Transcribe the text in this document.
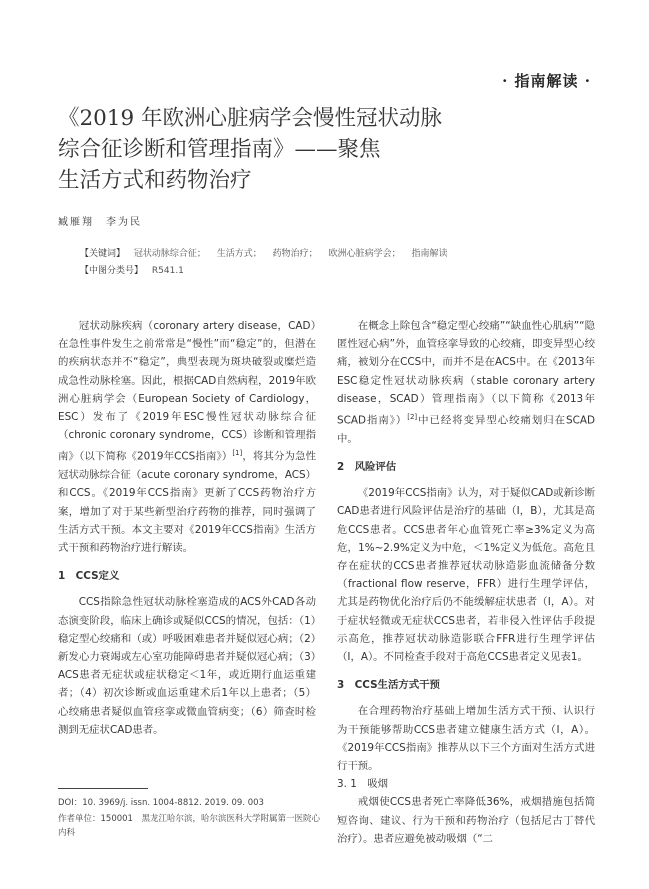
· 指南解读 ·
《2019 年欧洲心脏病学会慢性冠状动脉
综合征诊断和管理指南》——聚焦
生活方式和药物治疗
臧雁翔　李为民
【关键词】 冠状动脉综合征； 生活方式； 药物治疗； 欧洲心脏病学会； 指南解读
【中图分类号】 R541.1

冠状动脉疾病（coronary artery disease，CAD）在急性事件发生之前常常是“慢性”而“稳定”的，但潜在的疾病状态并不“稳定”，典型表现为斑块破裂或糜烂造成急性动脉栓塞。因此，根据CAD自然病程，2019年欧洲心脏病学会（European Society of Cardiology，ESC）发布了《2019年ESC慢性冠状动脉综合征（chronic coronary syndrome，CCS）诊断和管理指南》（以下简称《2019年CCS指南》）[1]，将其分为急性冠状动脉综合征（acute coronary syndrome，ACS）和CCS。《2019年CCS指南》更新了CCS药物治疗方案，增加了对于某些新型治疗药物的推荐，同时强调了生活方式干预。本文主要对《2019年CCS指南》生活方式干预和药物治疗进行解读。

1　CCS定义

CCS指除急性冠状动脉栓塞造成的ACS外CAD各动态演变阶段，临床上确诊或疑似CCS的情况，包括：（1）稳定型心绞痛和（或）呼吸困难患者并疑似冠心病；（2）新发心力衰竭或左心室功能障碍患者并疑似冠心病；（3）ACS患者无症状或症状稳定＜1年，或近期行血运重建者；（4）初次诊断或血运重建术后1年以上患者；（5）心绞痛患者疑似血管痉挛或微血管病变；（6）筛查时检测到无症状CAD患者。

在概念上除包含“稳定型心绞痛”“缺血性心肌病”“隐匿性冠心病”外，血管痉挛导致的心绞痛，即变异型心绞痛，被划分在CCS中，而并不是在ACS中。在《2013年ESC稳定性冠状动脉疾病（stable coronary artery disease，SCAD）管理指南》（以下简称《2013年SCAD指南》）[2]中已经将变异型心绞痛划归在SCAD中。

2　风险评估

《2019年CCS指南》认为，对于疑似CAD或新诊断CAD患者进行风险评估是治疗的基础（Ⅰ，B），尤其是高危CCS患者。CCS患者年心血管死亡率≥3%定义为高危，1%~2.9%定义为中危，＜1%定义为低危。高危且存在症状的CCS患者推荐冠状动脉造影血流储备分数（fractional flow reserve，FFR）进行生理学评估，尤其是药物优化治疗后仍不能缓解症状患者（Ⅰ，A）。对于症状轻微或无症状CCS患者，若非侵入性评估手段提示高危，推荐冠状动脉造影联合FFR进行生理学评估（Ⅰ，A）。不同检查手段对于高危CCS患者定义见表1。

3　CCS生活方式干预

在合理药物治疗基础上增加生活方式干预、认识行为干预能够帮助CCS患者建立健康生活方式（Ⅰ，A）。《2019年CCS指南》推荐从以下三个方面对生活方式进行干预。

3. 1　吸烟

戒烟使CCS患者死亡率降低36%，戒烟措施包括简短咨询、建议、行为干预和药物治疗（包括尼古丁替代治疗）。患者应避免被动吸烟（“二

DOI：10. 3969/j. issn. 1004-8812. 2019. 09. 003
作者单位：150001　黑龙江哈尔滨，哈尔滨医科大学附属第一医院心内科
